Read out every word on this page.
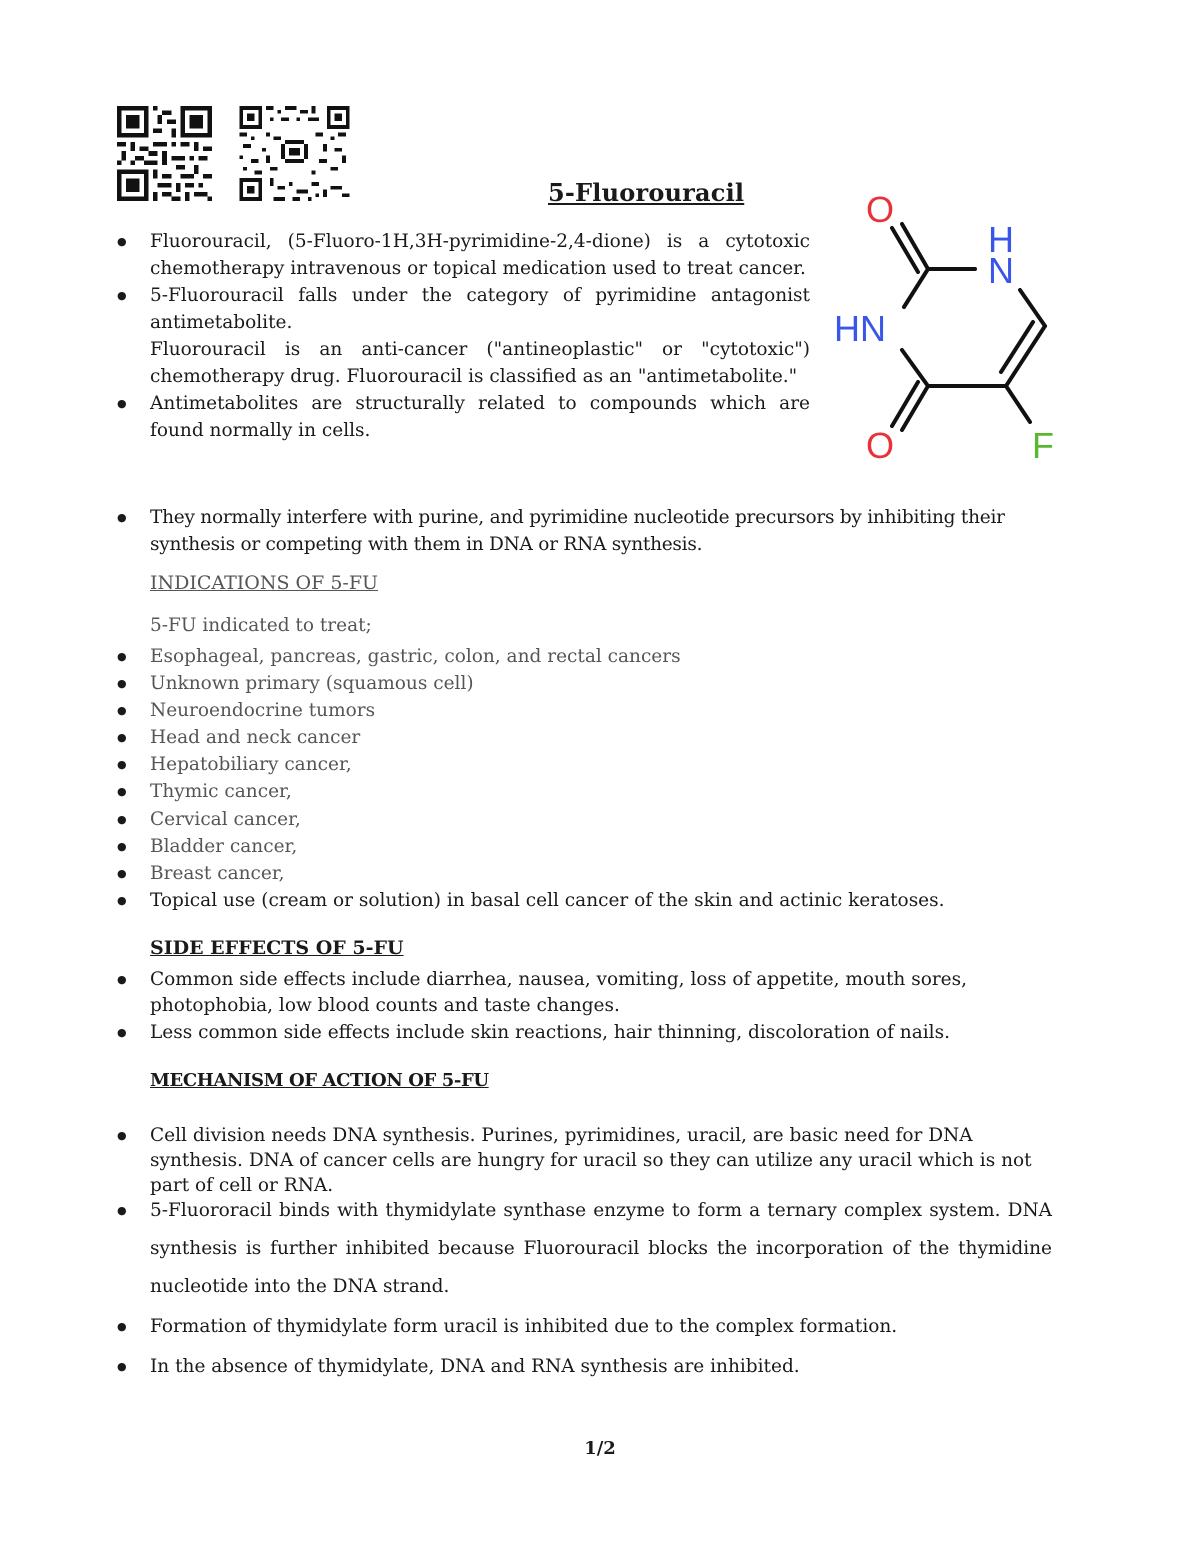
5-Fluorouracil	O
H
N
HN
O	F
● Fluorouracil, (5-Fluoro-1H,3H-pyrimidine-2,4-dione) is a cytotoxic chemotherapy intravenous or topical medication used to treat cancer.
● 5-Fluorouracil falls under the category of pyrimidine antagonist antimetabolite.
Fluorouracil is an anti-cancer ("antineoplastic" or "cytotoxic") chemotherapy drug. Fluorouracil is classified as an "antimetabolite."
● Antimetabolites are structurally related to compounds which are found normally in cells.
● They normally interfere with purine, and pyrimidine nucleotide precursors by inhibiting their synthesis or competing with them in DNA or RNA synthesis.
INDICATIONS OF 5-FU
5-FU indicated to treat;
● Esophageal, pancreas, gastric, colon, and rectal cancers
● Unknown primary (squamous cell)
● Neuroendocrine tumors
● Head and neck cancer
● Hepatobiliary cancer,
● Thymic cancer,
● Cervical cancer,
● Bladder cancer,
● Breast cancer,
● Topical use (cream or solution) in basal cell cancer of the skin and actinic keratoses.
SIDE EFFECTS OF 5-FU
● Common side effects include diarrhea, nausea, vomiting, loss of appetite, mouth sores, photophobia, low blood counts and taste changes.
● Less common side effects include skin reactions, hair thinning, discoloration of nails.
MECHANISM OF ACTION OF 5-FU
● Cell division needs DNA synthesis. Purines, pyrimidines, uracil, are basic need for DNA synthesis. DNA of cancer cells are hungry for uracil so they can utilize any uracil which is not part of cell or RNA.
● 5-Fluororacil binds with thymidylate synthase enzyme to form a ternary complex system. DNA synthesis is further inhibited because Fluorouracil blocks the incorporation of the thymidine nucleotide into the DNA strand.
● Formation of thymidylate form uracil is inhibited due to the complex formation.
● In the absence of thymidylate, DNA and RNA synthesis are inhibited.
1/2
